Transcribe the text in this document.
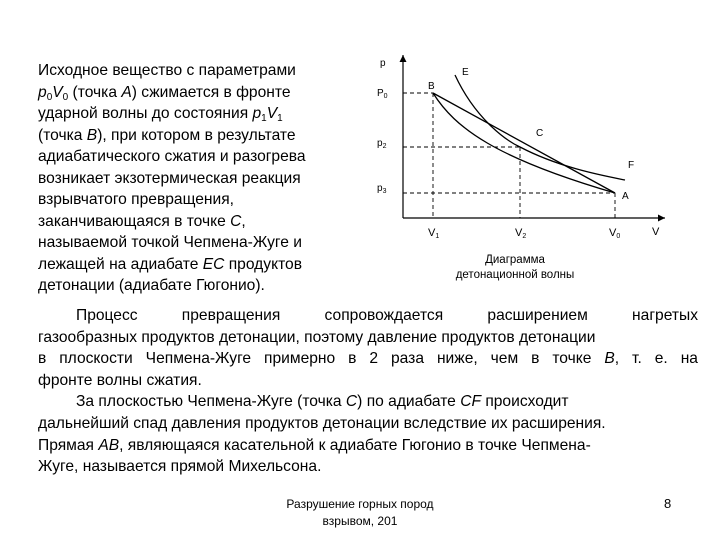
Исходное вещество с параметрами
$p_0V_0$ (точка A) сжимается в фронте
ударной волны до состояния $p_1V_1$
(точка B), при котором в результате
адиабатического сжатия и разогрева
возникает экзотермическая реакция
взрывчатого превращения,
заканчивающаяся в точке С,
называемой точкой Чепмена-Жуге и
лежащей на адиабате ЕС продуктов
детонации (адиабате Гюгонио).
p
V
$P_0$
$p_2$
$p_3$
V1	V2	V0
B
E
C
F
A
Диаграмма
детонационной волны
Процесс превращения сопровождается расширением нагретых
газообразных продуктов детонации, поэтому давление продуктов детонации
в плоскости Чепмена-Жуге примерно в 2 раза ниже, чем в точке B, т. е. на
фронте волны сжатия.
За плоскостью Чепмена-Жуге (точка C) по адиабате CF происходит
дальнейший спад давления продуктов детонации вследствие их расширения.
Прямая AB, являющаяся касательной к адиабате Гюгонио в точке Чепмена-
Жуге, называется прямой Михельсона.
Разрушение горных пород
взрывом, 201
8
